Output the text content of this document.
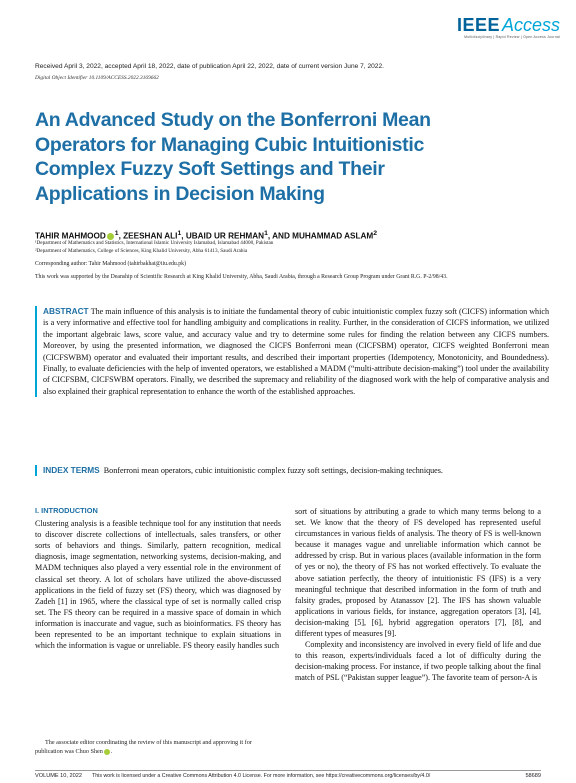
IEEE Access
Multidisciplinary | Rapid Review | Open Access Journal
Received April 3, 2022, accepted April 18, 2022, date of publication April 22, 2022, date of current version June 7, 2022.
Digital Object Identifier 10.1109/ACCESS.2022.3169662
An Advanced Study on the Bonferroni Mean Operators for Managing Cubic Intuitionistic Complex Fuzzy Soft Settings and Their Applications in Decision Making
TAHIR MAHMOOD $^1$, ZEESHAN ALI$^1$, UBAID UR REHMAN$^1$, AND MUHAMMAD ASLAM$^2$
¹Department of Mathematics and Statistics, International Islamic University Islamabad, Islamabad 44000, Pakistan
²Department of Mathematics, College of Sciences, King Khalid University, Abha 61413, Saudi Arabia
Corresponding author: Tahir Mahmood (tahirbakhat@iiu.edu.pk)
This work was supported by the Deanship of Scientific Research at King Khalid University, Abha, Saudi Arabia, through a Research Group Program under Grant R.G. P-2/98/43.
ABSTRACT The main influence of this analysis is to initiate the fundamental theory of cubic intuitionistic complex fuzzy soft (CICFS) information which is a very informative and effective tool for handling ambiguity and complications in reality. Further, in the consideration of CICFS information, we utilized the important algebraic laws, score value, and accuracy value and try to determine some rules for finding the relation between any CICFS numbers. Moreover, by using the presented information, we diagnosed the CICFS Bonferroni mean (CICFSBM) operator, CICFS weighted Bonferroni mean (CICFSWBM) operator and evaluated their important results, and described their important properties (Idempotency, Monotonicity, and Boundedness). Finally, to evaluate deficiencies with the help of invented operators, we established a MADM (“multi-attribute decision-making”) tool under the availability of CICFSBM, CICFSWBM operators. Finally, we described the supremacy and reliability of the diagnosed work with the help of comparative analysis and also explained their graphical representation to enhance the worth of the established approaches.
INDEX TERMS Bonferroni mean operators, cubic intuitionistic complex fuzzy soft settings, decision-making techniques.
I. INTRODUCTION

Clustering analysis is a feasible technique tool for any institution that needs to discover discrete collections of intellectuals, sales transfers, or other sorts of behaviors and things. Similarly, pattern recognition, medical diagnosis, image segmentation, networking systems, decision-making, and MADM techniques also played a very essential role in the environment of classical set theory. A lot of scholars have utilized the above-discussed applications in the field of fuzzy set (FS) theory, which was diagnosed by Zadeh [1] in 1965, where the classical type of set is normally called crisp set. The FS theory can be required in a massive space of domain in which information is inaccurate and vague, such as bioinformatics. FS theory has been represented to be an important technique to explain situations in which the information is vague or unreliable. FS theory easily handles such

sort of situations by attributing a grade to which many terms belong to a set. We know that the theory of FS developed has represented useful circumstances in various fields of analysis. The theory of FS is well-known because it manages vague and unreliable information which cannot be addressed by crisp. But in various places (available information in the form of yes or no), the theory of FS has not worked effectively. To evaluate the above satiation perfectly, the theory of intuitionistic FS (IFS) is a very meaningful technique that described information in the form of truth and falsity grades, proposed by Atanassov [2]. The IFS has shown valuable applications in various fields, for instance, aggregation operators [3], [4], decision-making [5], [6], hybrid aggregation operators [7], [8], and different types of measures [9].

Complexity and inconsistency are involved in every field of life and due to this reason, experts/individuals faced a lot of difficulty during the decision-making process. For instance, if two people talking about the final match of PSL (“Pakistan supper league”). The favorite team of person-A is

The associate editor coordinating the review of this manuscript and approving it for publication was Chuo Shen .
VOLUME 10, 2022 This work is licensed under a Creative Commons Attribution 4.0 License. For more information, see https://creativecommons.org/licenses/by/4.0/	58689
